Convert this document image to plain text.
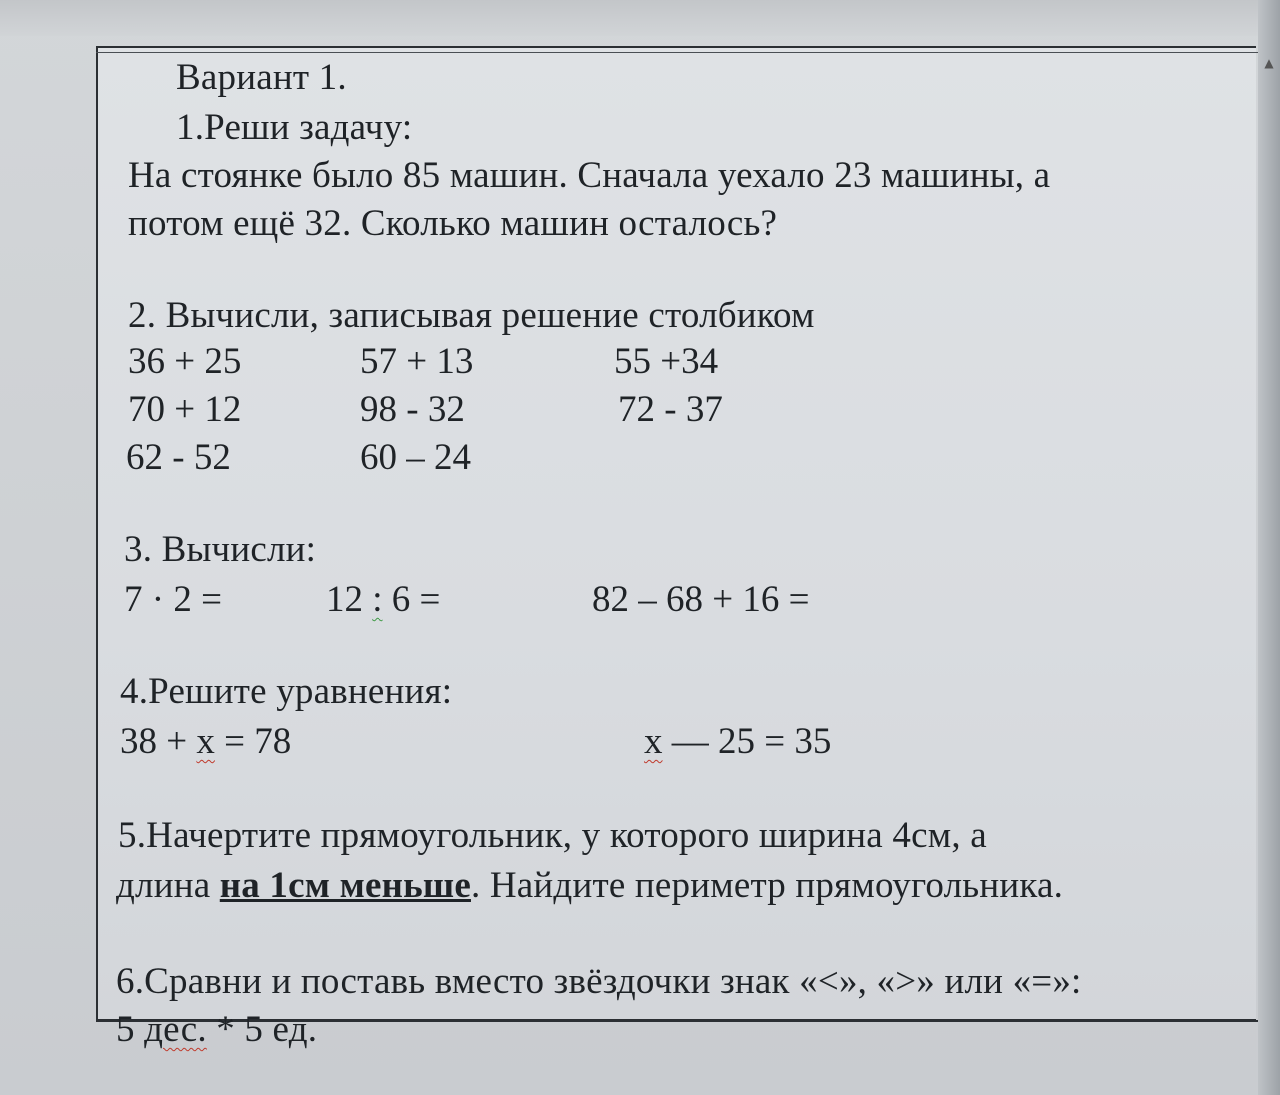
▲
Вариант 1.
1.Реши задачу:
На стоянке было 85 машин. Сначала уехало 23 машины, а
потом ещё 32. Сколько машин осталось?
2. Вычисли, записывая решение столбиком
36 + 25	57 + 13	55 +34
70 + 12	98 - 32	72 - 37
62 - 52	60 – 24
3. Вычисли:
7 · 2 =	12 : 6 =	82 – 68 + 16 =
4.Решите уравнения:
38 + x = 78	x — 25 = 35
5.Начертите прямоугольник, у которого ширина 4см, а
длина на 1см меньше. Найдите периметр прямоугольника.
6.Сравни и поставь вместо звёздочки знак «<», «>» или «=»:
5 дес. * 5 ед.
